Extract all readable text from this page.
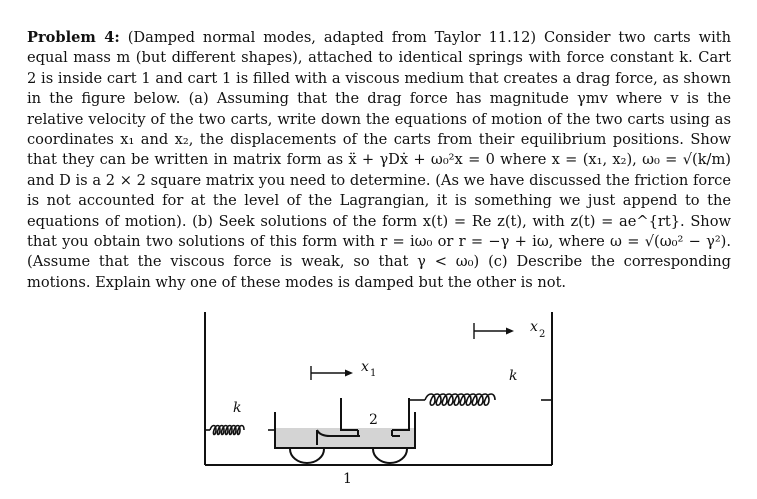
Problem 4: (Damped normal modes, adapted from Taylor 11.12) Consider two carts with equal mass m (but different shapes), attached to identical springs with force constant k. Cart 2 is inside cart 1 and cart 1 is filled with a viscous medium that creates a drag force, as shown in the figure below. (a) Assuming that the drag force has magnitude γmv where v is the relative velocity of the two carts, write down the equations of motion of the two carts using as coordinates x₁ and x₂, the displacements of the carts from their equilibrium positions. Show that they can be written in matrix form as ẍ + γDẋ + ω₀²x = 0 where x = (x₁, x₂), ω₀ = √(k/m) and D is a 2 × 2 square matrix you need to determine. (As we have discussed the friction force is not accounted for at the level of the Lagrangian, it is something we just append to the equations of motion). (b) Seek solutions of the form x(t) = Re z(t), with z(t) = ae^{rt}. Show that you obtain two solutions of this form with r = iω₀ or r = −γ + iω, where ω = √(ω₀² − γ²). (Assume that the viscous force is weak, so that γ < ω₀) (c) Describe the corresponding motions. Explain why one of these modes is damped but the other is not.
x 1
x 2
k
k
2
1
